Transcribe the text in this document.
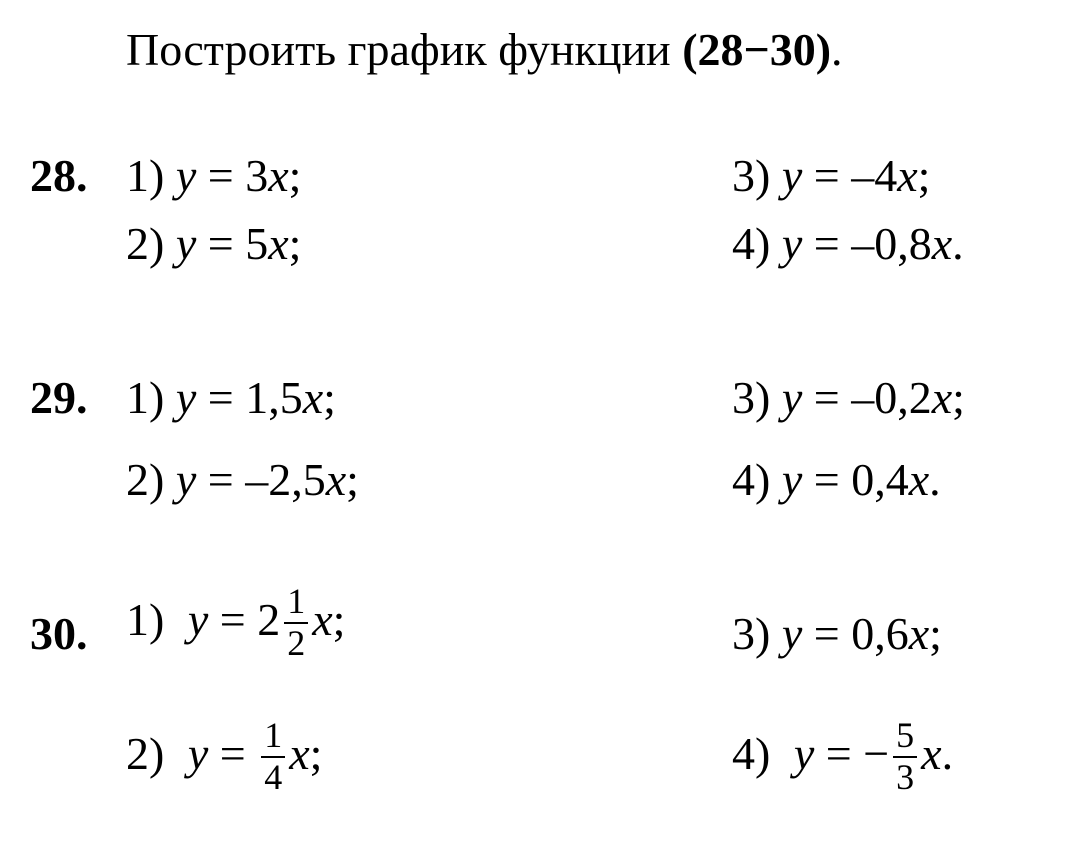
Построить график функции (28−30).
28. 1) y = 3x;
2) y = 5x;
3) y = –4x;
4) y = –0,8x.
29. 1) y = 1,5x;
2) y = –2,5x;
3) y = –0,2x;
4) y = 0,4x.
30. 1) $y = 2 \frac{1}{2} x$;
2) $y = \frac{1}{4} x$;
3) y = 0,6x;
4) y = − $\frac{5}{3} x$.
